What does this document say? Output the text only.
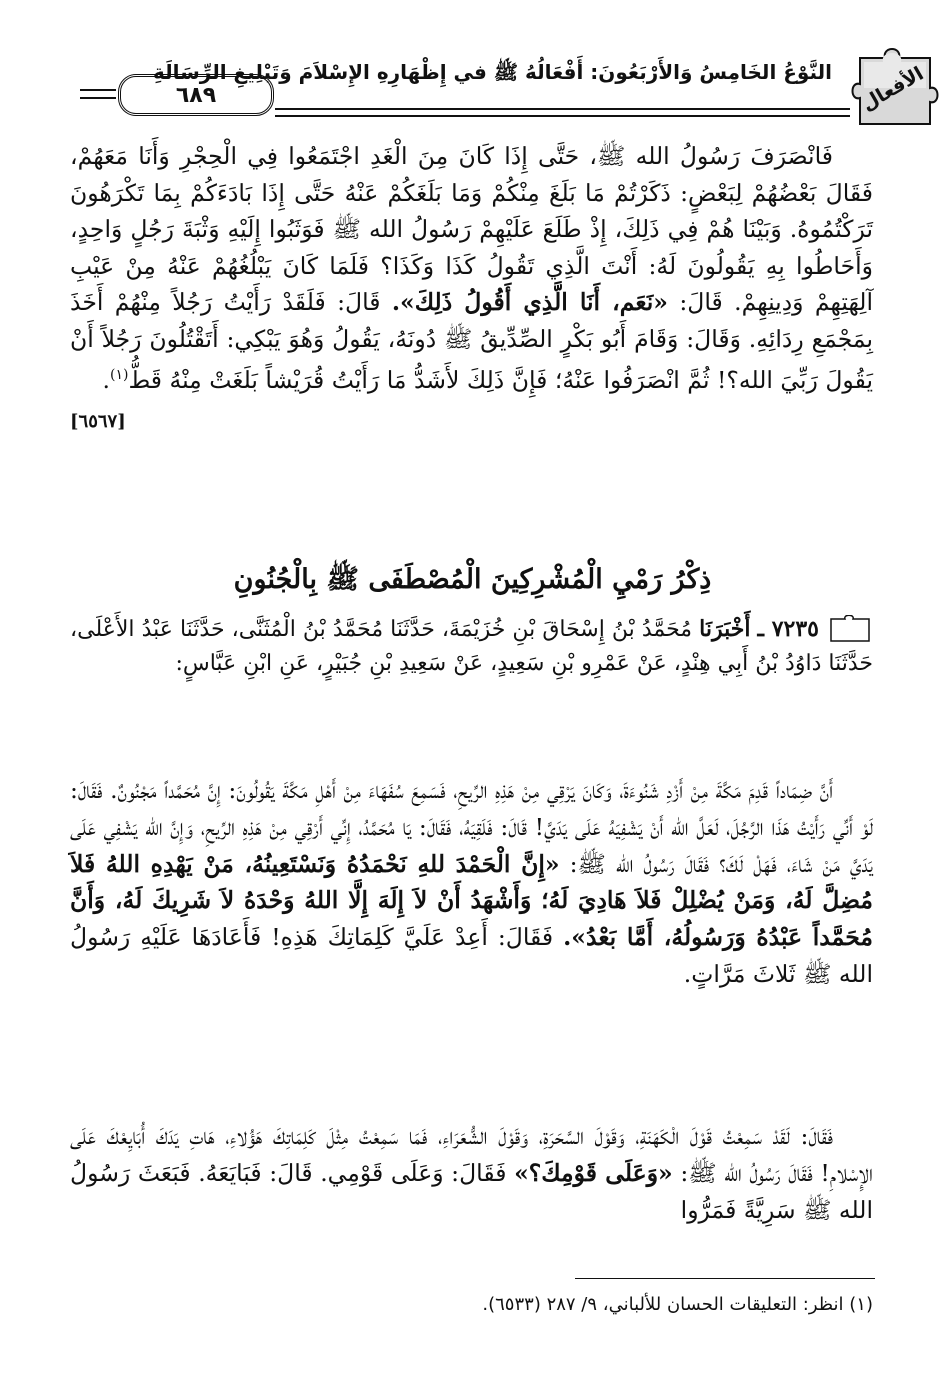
٦٨٩
النَّوْعُ الخَامِسُ وَالأَرْبَعُونَ: أَفْعَالُهُ ﷺ في إِظْهَارِهِ الإِسْلاَمَ وَتَبْلِيغِ الرِّسَالَةِ الأفعال

فَانْصَرَفَ رَسُولُ الله ﷺ، حَتَّى إِذَا كَانَ مِنَ الْغَدِ اجْتَمَعُوا فِي الْحِجْرِ وَأَنَا مَعَهُمْ، فَقَالَ بَعْضُهُمْ لِبَعْضٍ: ذَكَرْتُمْ مَا بَلَغَ مِنْكُمْ وَمَا بَلَغَكُمْ عَنْهُ حَتَّى إِذَا بَادَءَكُمْ بِمَا تَكْرَهُونَ تَرَكْتُمُوهُ. وَبَيْنَا هُمْ فِي ذَلِكَ، إِذْ طَلَعَ عَلَيْهِمْ رَسُولُ الله ﷺ فَوَثَبُوا إِلَيْهِ وَثْبَةَ رَجُلٍ وَاحِدٍ، وَأَحَاطُوا بِهِ يَقُولُونَ لَهُ: أَنْتَ الَّذِي تَقُولُ كَذَا وَكَذَا؟ فَلَمَا كَانَ يَبْلُغُهُمْ عَنْهُ مِنْ عَيْبِ آلِهَتِهِمْ وَدِينِهِمْ. قَالَ: «نَعَم، أَنَا الَّذِي أَقُولُ ذَلِكَ». قَالَ: فَلَقَدْ رَأَيْتُ رَجُلاً مِنْهُمْ أَخَذَ بِمَجْمَعِ رِدَائِهِ. وَقَالَ: وَقَامَ أَبُو بَكْرٍ الصِّدِّيقُ ﷺ دُونَهُ، يَقُولُ وَهُوَ يَبْكِي: أَتَقْتُلُونَ رَجُلاً أَنْ يَقُولَ رَبِّيَ الله؟! ثُمَّ انْصَرَفُوا عَنْهُ؛ فَإِنَّ ذَلِكَ لأَشَدُّ مَا رَأَيْتُ قُرَيْشاً بَلَغَتْ مِنْهُ قَطُّ$^{(١)}$.
[٦٥٦٧]

ذِكْرُ رَمْيِ الْمُشْرِكِينَ الْمُصْطَفَى ﷺ بِالْجُنُونِ
٧٢٣٥ ـ أَخْبَرَنَا مُحَمَّدُ بْنُ إِسْحَاقَ بْنِ خُزَيْمَةَ، حَدَّثَنَا مُحَمَّدُ بْنُ الْمُثَنَّى، حَدَّثَنَا عَبْدُ الأَعْلَى، حَدَّثَنَا دَاوُدُ بْنُ أَبِي هِنْدٍ، عَنْ عَمْرِو بْنِ سَعِيدٍ، عَنْ سَعِيدِ بْنِ جُبَيْرٍ، عَنِ ابْنِ عَبَّاسٍ:

أَنَّ ضِمَاداً قَدِمَ مَكَّةَ مِنْ أَزْدِ شَنُوءَةَ، وَكَانَ يَرْقِي مِنْ هَذِهِ الرِّيحِ، فَسَمِعَ سُفَهَاءَ مِنْ أَهْلِ مَكَّةَ يَقُولُونَ: إِنَّ مُحَمَّداً مَجْنُونٌ. فَقَالَ: لَوْ أَنِّي رَأَيْتُ هَذَا الرَّجُلَ، لَعَلَّ الله أَنْ يَشْفِيَهُ عَلَى يَدَيَّ! قَالَ: فَلَقِيَهُ، فَقَالَ: يَا مُحَمَّدُ، إِنِّي أَرْقِي مِنْ هَذِهِ الرِّيحِ، وَإِنَّ الله يَشْفِي عَلَى يَدَيَّ مَنْ شَاءَ، فَهَلْ لَكَ؟ فَقَالَ رَسُولُ الله ﷺ: «إِنَّ الْحَمْدَ للهِ نَحْمَدُهُ وَنَسْتَعِينُهُ، مَنْ يَهْدِهِ اللهُ فَلاَ مُضِلَّ لَهُ، وَمَنْ يُضْلِلْ فَلاَ هَادِيَ لَهُ؛ وَأَشْهَدُ أَنْ لاَ إِلَهَ إِلَّا اللهُ وَحْدَهُ لاَ شَرِيكَ لَهُ، وَأَنَّ مُحَمَّداً عَبْدُهُ وَرَسُولُهُ، أَمَّا بَعْدُ». فَقَالَ: أَعِدْ عَلَيَّ كَلِمَاتِكَ هَذِهِ! فَأَعَادَهَا عَلَيْهِ رَسُولُ الله ﷺ ثَلاثَ مَرَّاتٍ.

فَقَالَ: لَقَدْ سَمِعْتُ قَوْلَ الْكَهَنَةِ، وَقَوْلَ السَّحَرَةِ، وَقَوْلَ الشُّعَرَاءِ، فَمَا سَمِعْتُ مِثْلَ كَلِمَاتِكَ هَؤُلاءِ، هَاتِ يَدَكَ أُبَايِعْكَ عَلَى الإِسْلامِ! فَقَالَ رَسُولُ الله ﷺ: «وَعَلَى قَوْمِكَ؟» فَقَالَ: وَعَلَى قَوْمِي. قَالَ: فَبَايَعَهُ. فَبَعَثَ رَسُولُ الله ﷺ سَرِيَّةً فَمَرُّوا

(١) انظر: التعليقات الحسان للألباني، ٩/ ٢٨٧ (٦٥٣٣).
